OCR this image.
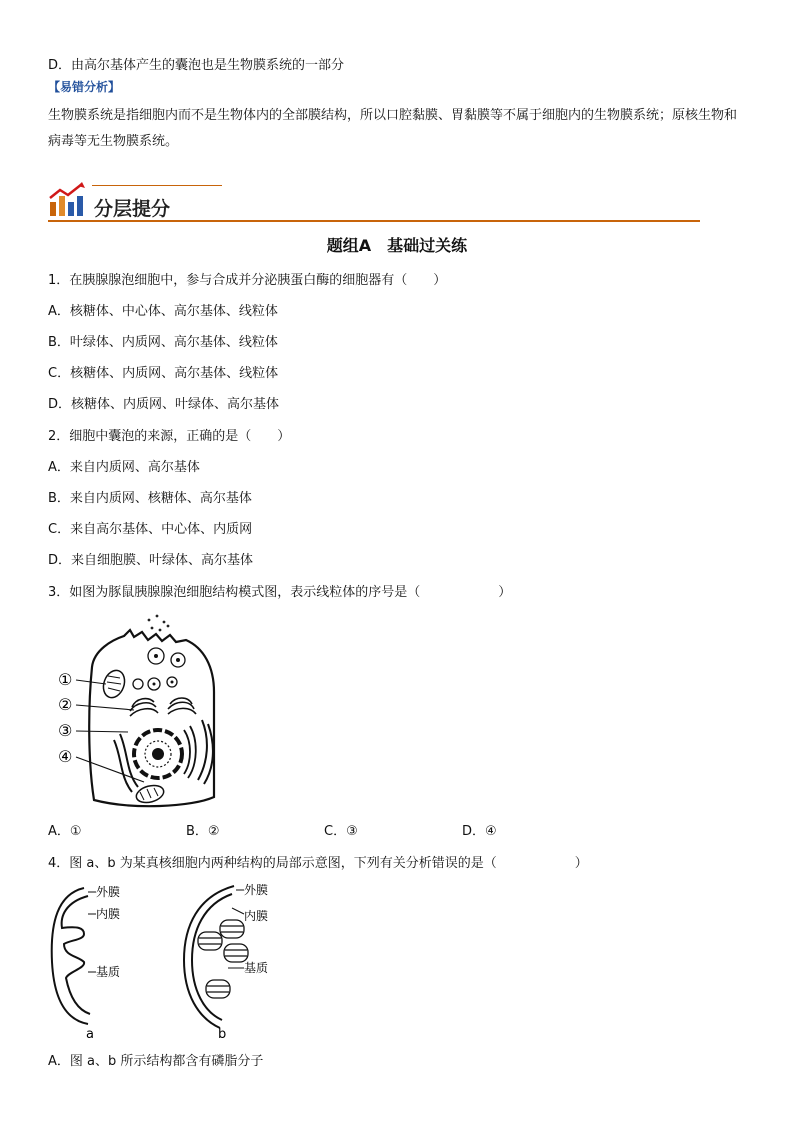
D．由高尔基体产生的囊泡也是生物膜系统的一部分
【易错分析】
生物膜系统是指细胞内而不是生物体内的全部膜结构，所以口腔黏膜、胃黏膜等不属于细胞内的生物膜系统；原核生物和病毒等无生物膜系统。
分层提分
题组A　基础过关练
1．在胰腺腺泡细胞中，参与合成并分泌胰蛋白酶的细胞器有（　　）
A．核糖体、中心体、高尔基体、线粒体
B．叶绿体、内质网、高尔基体、线粒体
C．核糖体、内质网、高尔基体、线粒体
D．核糖体、内质网、叶绿体、高尔基体
2．细胞中囊泡的来源，正确的是（　　）
A．来自内质网、高尔基体
B．来自内质网、核糖体、高尔基体
C．来自高尔基体、中心体、内质网
D．来自细胞膜、叶绿体、高尔基体
3．如图为豚鼠胰腺腺泡细胞结构模式图，表示线粒体的序号是（　　　　　　）
①
②
③
④
A．①	B．②	C．③	D．④
4．图 a、b 为某真核细胞内两种结构的局部示意图，下列有关分析错误的是（　　　　　　）
外膜
内膜
基质
a
外膜
内膜
基质
b
A．图 a、b 所示结构都含有磷脂分子
